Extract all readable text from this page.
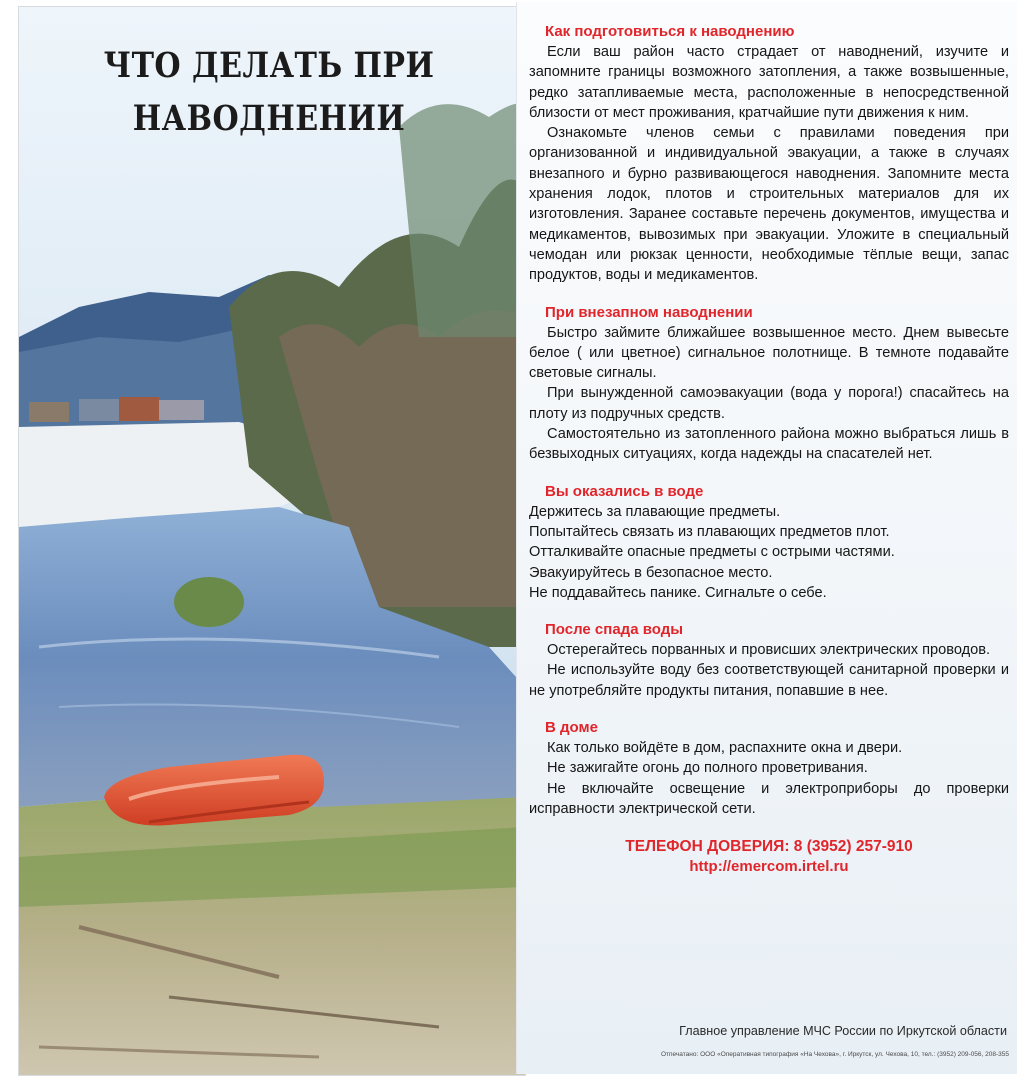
ЧТО ДЕЛАТЬ ПРИ
НАВОДНЕНИИ
Как подготовиться к наводнению

Если ваш район часто страдает от наводнений, изучите и запомните границы возможного затопления, а также возвышенные, редко затапливаемые места, расположенные в непосредственной близости от мест проживания, кратчайшие пути движения к ним.

Ознакомьте членов семьи с правилами поведения при организованной и индивидуальной эвакуации, а также в случаях внезапного и бурно развивающегося наводнения. Запомните места хранения лодок, плотов и строительных материалов для их изготовления. Заранее составьте перечень документов, имущества и медикаментов, вывозимых при эвакуации. Уложите в специальный чемодан или рюкзак ценности, необходимые тёплые вещи, запас продуктов, воды и медикаментов.

При внезапном наводнении

Быстро займите ближайшее возвышенное место. Днем вывесьте белое ( или цветное) сигнальное полотнище. В темноте подавайте световые сигналы.

При вынужденной самоэвакуации (вода у порога!) спасайтесь на плоту из подручных средств.

Самостоятельно из затопленного района можно выбраться лишь в безвыходных ситуациях, когда надежды на спасателей нет.

Вы оказались в воде

Держитесь за плавающие предметы.

Попытайтесь связать из плавающих предметов плот.

Отталкивайте опасные предметы с острыми частями.

Эвакуируйтесь в безопасное место.

Не поддавайтесь панике. Сигнальте о себе.

После спада воды

Остерегайтесь порванных и провисших электрических проводов.

Не используйте воду без соответствующей санитарной проверки и не употребляйте продукты питания, попавшие в нее.

В доме

Как только войдёте в дом, распахните окна и двери.

Не зажигайте огонь до полного проветривания.

Не включайте освещение и электроприборы до проверки исправности электрической сети.

ТЕЛЕФОН ДОВЕРИЯ: 8 (3952) 257-910
http://emercom.irtel.ru
Главное управление МЧС России по Иркутской области
Отпечатано: ООО «Оперативная типография «На Чехова», г. Иркутск, ул. Чехова, 10, тел.: (3952) 209-056, 208-355
